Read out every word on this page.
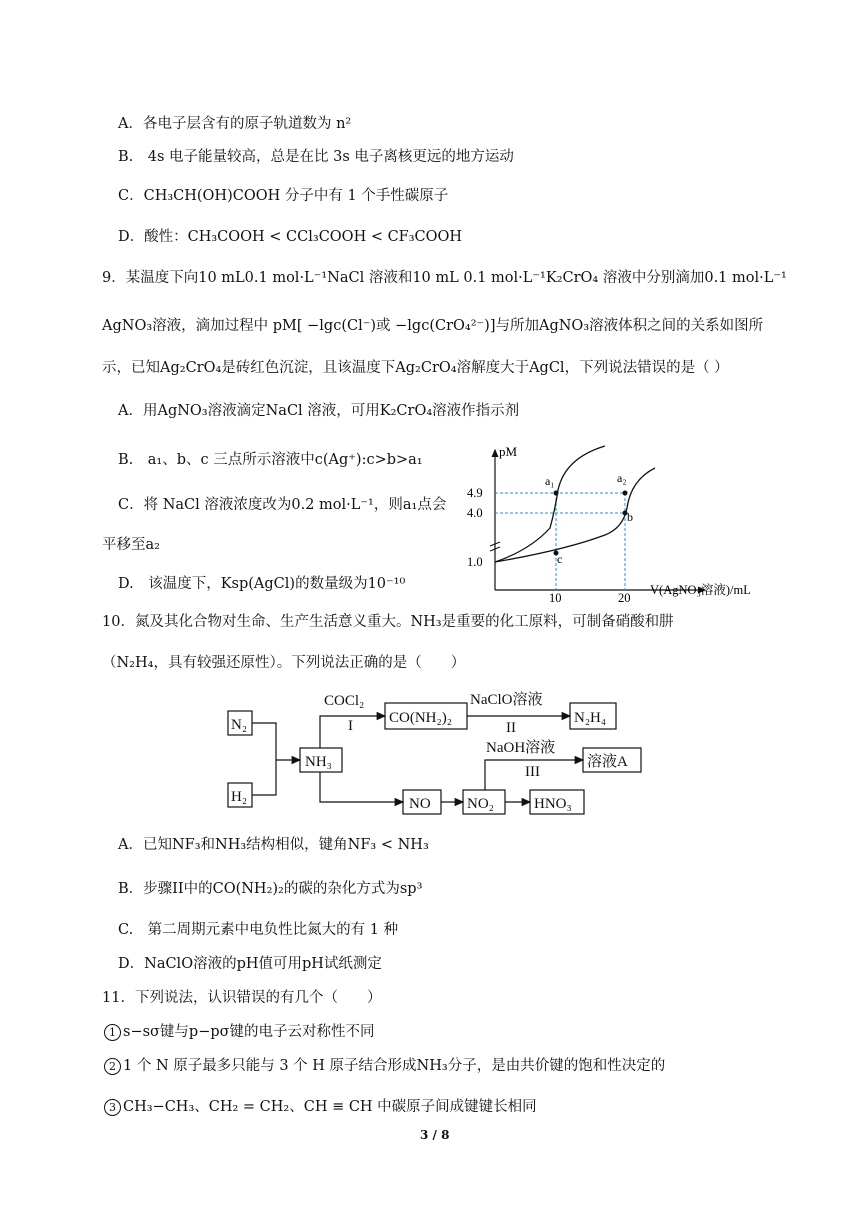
A．各电子层含有的原子轨道数为 n²
B.　4s 电子能量较高，总是在比 3s 电子离核更远的地方运动
C．CH₃CH(OH)COOH 分子中有 1 个手性碳原子
D．酸性：CH₃COOH < CCl₃COOH < CF₃COOH
9．某温度下向10 mL0.1 mol·L⁻¹NaCl 溶液和10 mL 0.1 mol·L⁻¹K₂CrO₄ 溶液中分别滴加0.1 mol·L⁻¹
AgNO₃溶液，滴加过程中 pM[ −lgc(Cl⁻)或 −lgc(CrO₄²⁻)]与所加AgNO₃溶液体积之间的关系如图所
示，已知Ag₂CrO₄是砖红色沉淀，且该温度下Ag₂CrO₄溶解度大于AgCl，下列说法错误的是（ ）
A．用AgNO₃溶液滴定NaCl 溶液，可用K₂CrO₄溶液作指示剂
B.　a₁、b、c 三点所示溶液中c(Ag⁺):c>b>a₁
C．将 NaCl 溶液浓度改为0.2 mol·L⁻¹，则a₁点会
平移至a₂
D.　该温度下，Ksp(AgCl)的数量级为10⁻¹⁰
pM
V(AgNO₃溶液)/mL
4.9
4.0
1.0
10	20
a₁	a₂
b
c
10．氮及其化合物对生命、生产生活意义重大。NH₃是重要的化工原料，可制备硝酸和肼
（N₂H₄，具有较强还原性）。下列说法正确的是（　　）
N₂
H₂
NH₃
CO(NH₂)₂	N₂H₄
NO NO₂	HNO₃
溶液A
COCl₂
I
NaClO溶液
II
NaOH溶液
III
A．已知NF₃和NH₃结构相似，键角NF₃ < NH₃
B．步骤II中的CO(NH₂)₂的碳的杂化方式为sp³
C.　第二周期元素中电负性比氮大的有 1 种
D．NaClO溶液的pH值可用pH试纸测定
11．下列说法，认识错误的有几个（　　）
1 s−sσ键与p−pσ键的电子云对称性不同
2 1 个 N 原子最多只能与 3 个 H 原子结合形成NH₃分子，是由共价键的饱和性决定的
3 CH₃−CH₃、CH₂ = CH₂、CH ≡ CH 中碳原子间成键键长相同
3 / 8
